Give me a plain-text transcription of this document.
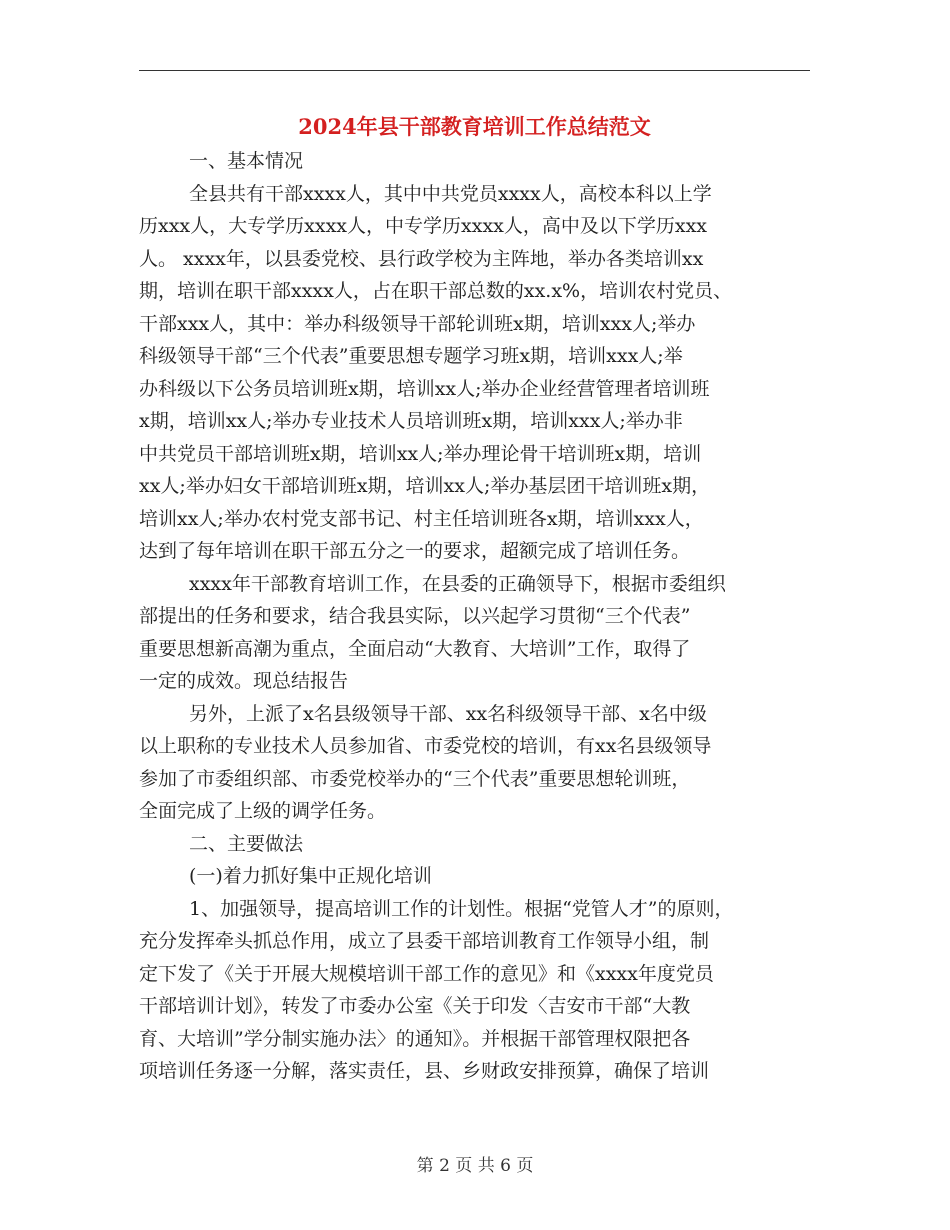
2024年县干部教育培训工作总结范文
一、基本情况
全县共有干部xxxx人，其中中共党员xxxx人，高校本科以上学
历xxx人，大专学历xxxx人，中专学历xxxx人，高中及以下学历xxx
人。 xxxx年，以县委党校、县行政学校为主阵地，举办各类培训xx
期，培训在职干部xxxx人，占在职干部总数的xx.x%，培训农村党员、
干部xxx人，其中：举办科级领导干部轮训班x期，培训xxx人;举办
科级领导干部“三个代表”重要思想专题学习班x期，培训xxx人;举
办科级以下公务员培训班x期，培训xx人;举办企业经营管理者培训班
x期，培训xx人;举办专业技术人员培训班x期，培训xxx人;举办非
中共党员干部培训班x期，培训xx人;举办理论骨干培训班x期，培训
xx人;举办妇女干部培训班x期，培训xx人;举办基层团干培训班x期，
培训xx人;举办农村党支部书记、村主任培训班各x期，培训xxx人，
达到了每年培训在职干部五分之一的要求，超额完成了培训任务。
xxxx年干部教育培训工作，在县委的正确领导下，根据市委组织
部提出的任务和要求，结合我县实际，以兴起学习贯彻“三个代表”
重要思想新高潮为重点，全面启动“大教育、大培训”工作，取得了
一定的成效。现总结报告
另外，上派了x名县级领导干部、xx名科级领导干部、x名中级
以上职称的专业技术人员参加省、市委党校的培训，有xx名县级领导
参加了市委组织部、市委党校举办的“三个代表”重要思想轮训班，
全面完成了上级的调学任务。
二、主要做法
(一)着力抓好集中正规化培训
1、加强领导，提高培训工作的计划性。根据“党管人才”的原则，
充分发挥牵头抓总作用，成立了县委干部培训教育工作领导小组，制
定下发了《关于开展大规模培训干部工作的意见》和《xxxx年度党员
干部培训计划》，转发了市委办公室《关于印发〈吉安市干部“大教
育、大培训”学分制实施办法〉的通知》。并根据干部管理权限把各
项培训任务逐一分解，落实责任，县、乡财政安排预算，确保了培训
第 2 页 共 6 页
